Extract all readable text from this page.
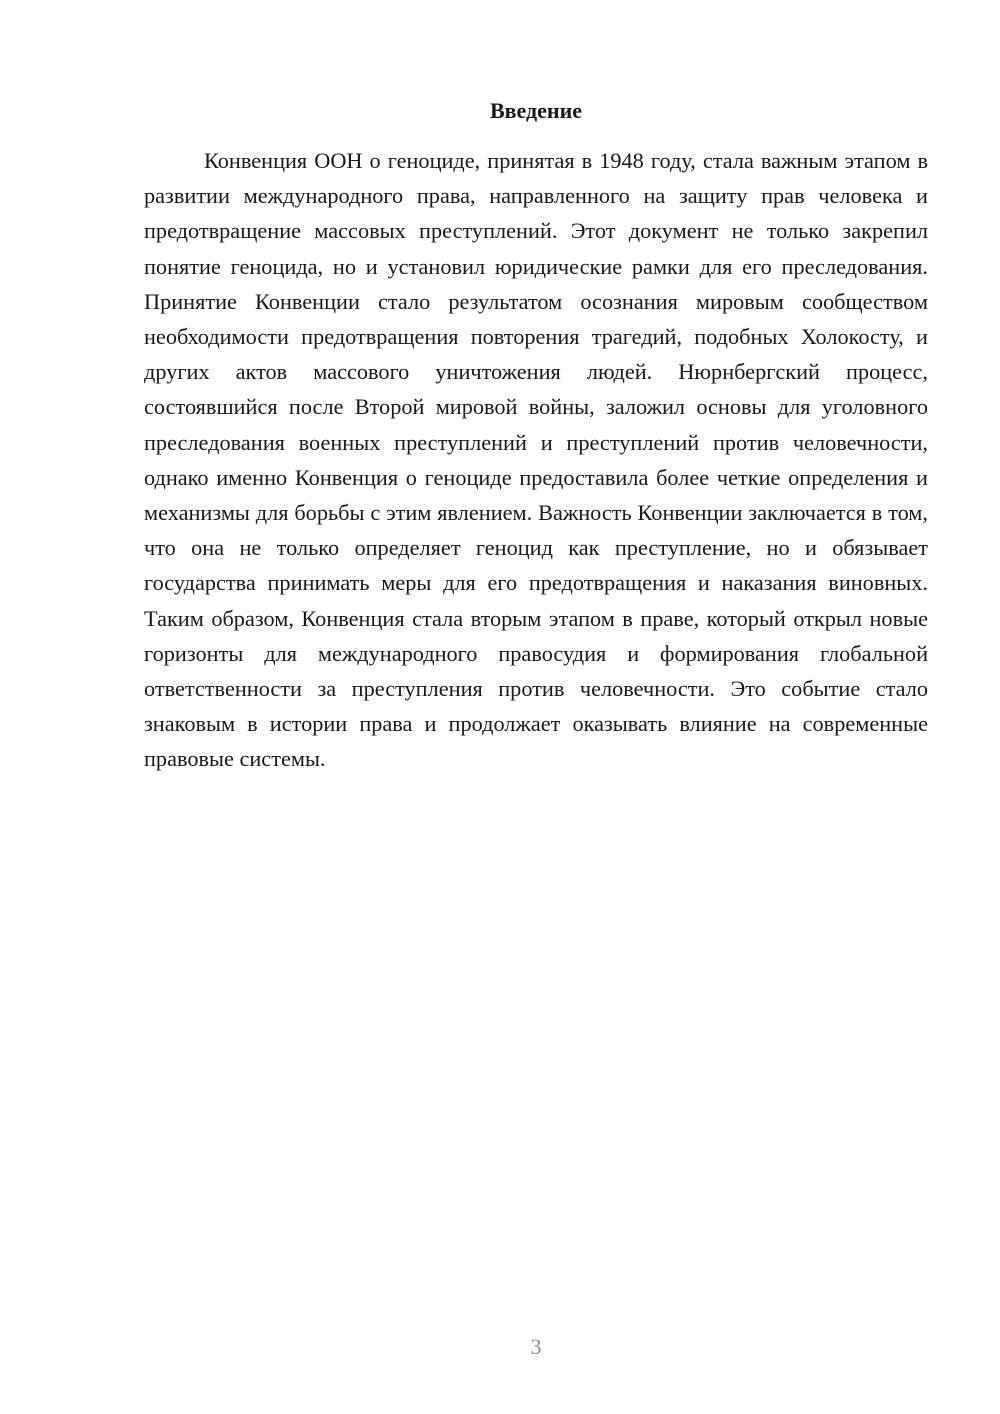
Введение

Конвенция ООН о геноциде, принятая в 1948 году, стала важным этапом в развитии международного права, направленного на защиту прав человека и предотвращение массовых преступлений. Этот документ не только закрепил понятие геноцида, но и установил юридические рамки для его преследования. Принятие Конвенции стало результатом осознания мировым сообществом необходимости предотвращения повторения трагедий, подобных Холокосту, и других актов массового уничтожения людей. Нюрнбергский процесс, состоявшийся после Второй мировой войны, заложил основы для уголовного преследования военных преступлений и преступлений против человечности, однако именно Конвенция о геноциде предоставила более четкие определения и механизмы для борьбы с этим явлением. Важность Конвенции заключается в том, что она не только определяет геноцид как преступление, но и обязывает государства принимать меры для его предотвращения и наказания виновных. Таким образом, Конвенция стала вторым этапом в праве, который открыл новые горизонты для международного правосудия и формирования глобальной ответственности за преступления против человечности. Это событие стало знаковым в истории права и продолжает оказывать влияние на современные правовые системы.

3
